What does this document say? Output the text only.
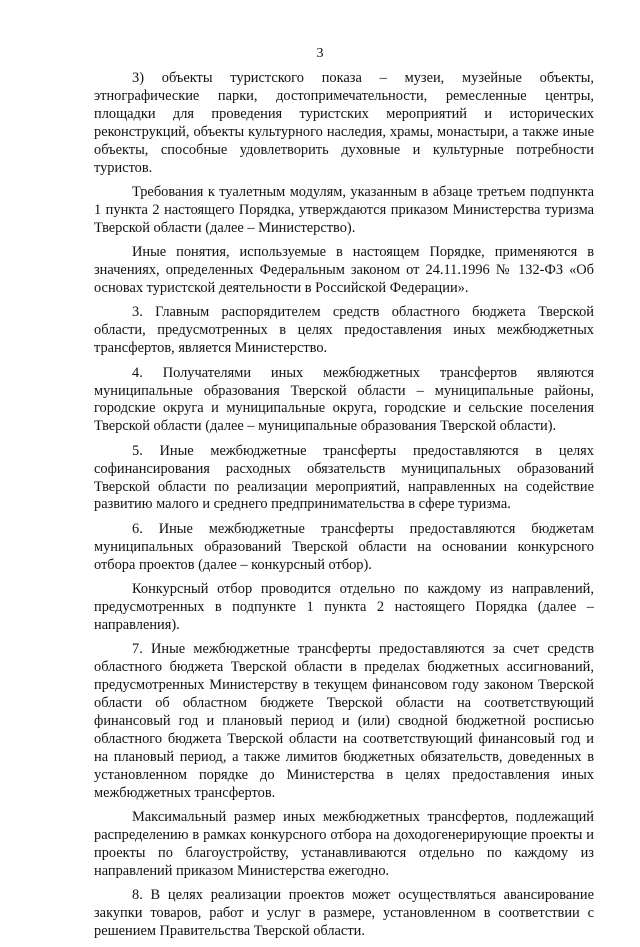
3

3) объекты туристского показа – музеи, музейные объекты, этнографические парки, достопримечательности, ремесленные центры, площадки для проведения туристских мероприятий и исторических реконструкций, объекты культурного наследия, храмы, монастыри, а также иные объекты, способные удовлетворить духовные и культурные потребности туристов.

Требования к туалетным модулям, указанным в абзаце третьем подпункта 1 пункта 2 настоящего Порядка, утверждаются приказом Министерства туризма Тверской области (далее – Министерство).

Иные понятия, используемые в настоящем Порядке, применяются в значениях, определенных Федеральным законом от 24.11.1996 № 132-ФЗ «Об основах туристской деятельности в Российской Федерации».

3. Главным распорядителем средств областного бюджета Тверской области, предусмотренных в целях предоставления иных межбюджетных трансфертов, является Министерство.

4. Получателями иных межбюджетных трансфертов являются муниципальные образования Тверской области – муниципальные районы, городские округа и муниципальные округа, городские и сельские поселения Тверской области (далее – муниципальные образования Тверской области).

5. Иные межбюджетные трансферты предоставляются в целях софинансирования расходных обязательств муниципальных образований Тверской области по реализации мероприятий, направленных на содействие развитию малого и среднего предпринимательства в сфере туризма.

6. Иные межбюджетные трансферты предоставляются бюджетам муниципальных образований Тверской области на основании конкурсного отбора проектов (далее – конкурсный отбор).

Конкурсный отбор проводится отдельно по каждому из направлений, предусмотренных в подпункте 1 пункта 2 настоящего Порядка (далее – направления).

7. Иные межбюджетные трансферты предоставляются за счет средств областного бюджета Тверской области в пределах бюджетных ассигнований, предусмотренных Министерству в текущем финансовом году законом Тверской области об областном бюджете Тверской области на соответствующий финансовый год и плановый период и (или) сводной бюджетной росписью областного бюджета Тверской области на соответствующий финансовый год и на плановый период, а также лимитов бюджетных обязательств, доведенных в установленном порядке до Министерства в целях предоставления иных межбюджетных трансфертов.

Максимальный размер иных межбюджетных трансфертов, подлежащий распределению в рамках конкурсного отбора на доходогенерирующие проекты и проекты по благоустройству, устанавливаются отдельно по каждому из направлений приказом Министерства ежегодно.

8. В целях реализации проектов может осуществляться авансирование закупки товаров, работ и услуг в размере, установленном в соответствии с решением Правительства Тверской области.
